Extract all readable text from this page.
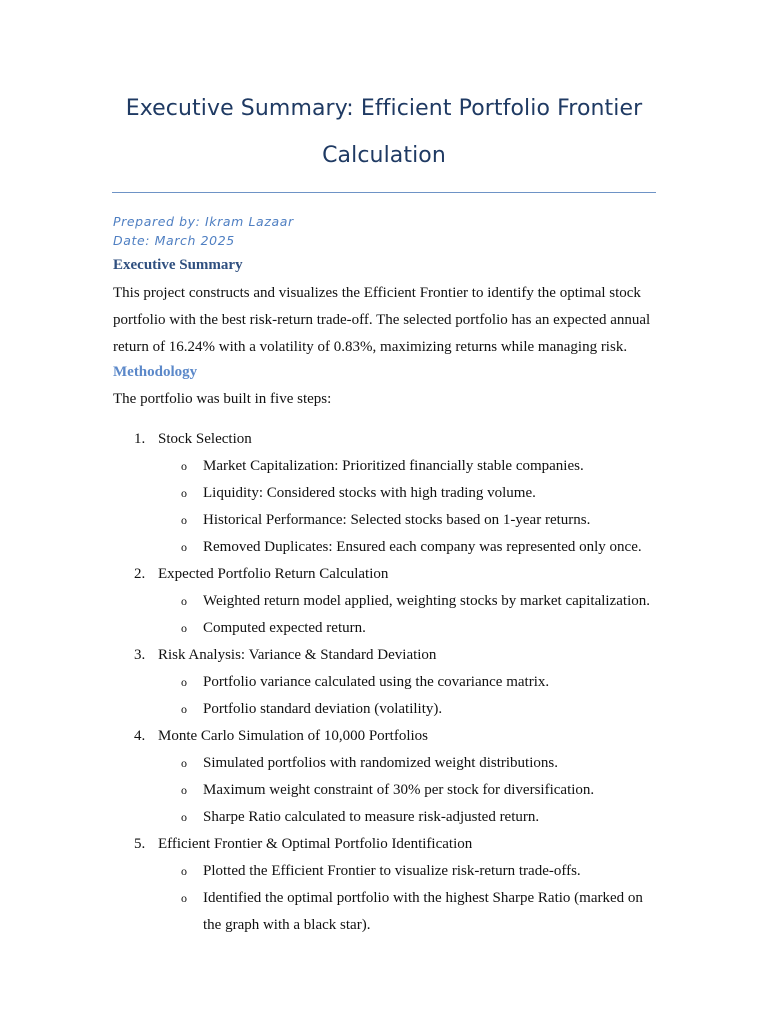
Executive Summary: Efficient Portfolio Frontier
Calculation
Prepared by: Ikram Lazaar
Date: March 2025
Executive Summary
This project constructs and visualizes the Efficient Frontier to identify the optimal stock portfolio with the best risk-return trade-off. The selected portfolio has an expected annual return of 16.24% with a volatility of 0.83%, maximizing returns while managing risk.
Methodology
The portfolio was built in five steps:
1. Stock Selection
o Market Capitalization: Prioritized financially stable companies.
o Liquidity: Considered stocks with high trading volume.
o Historical Performance: Selected stocks based on 1-year returns.
o Removed Duplicates: Ensured each company was represented only once.
2. Expected Portfolio Return Calculation
o Weighted return model applied, weighting stocks by market capitalization.
o Computed expected return.
3. Risk Analysis: Variance & Standard Deviation
o Portfolio variance calculated using the covariance matrix.
o Portfolio standard deviation (volatility).
4. Monte Carlo Simulation of 10,000 Portfolios
o Simulated portfolios with randomized weight distributions.
o Maximum weight constraint of 30% per stock for diversification.
o Sharpe Ratio calculated to measure risk-adjusted return.
5. Efficient Frontier & Optimal Portfolio Identification
o Plotted the Efficient Frontier to visualize risk-return trade-offs.
o Identified the optimal portfolio with the highest Sharpe Ratio (marked on the graph with a black star).
